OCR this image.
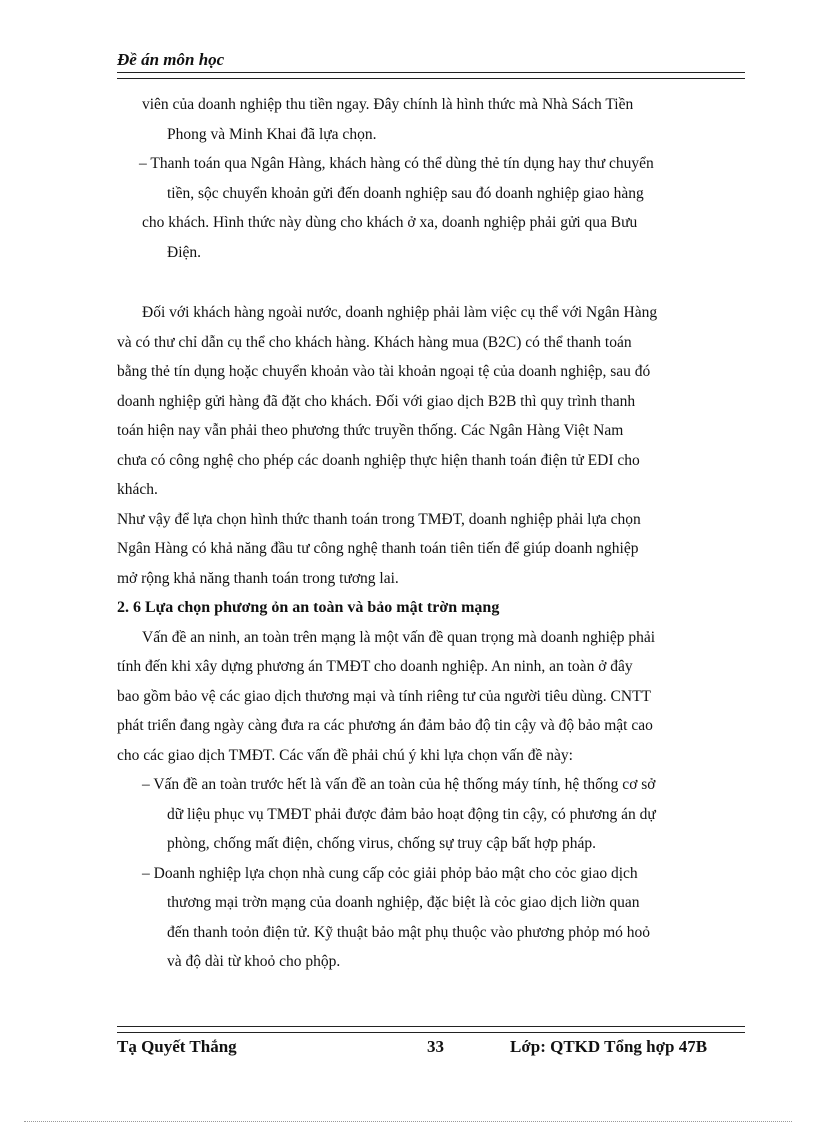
Đề án môn học
viên của doanh nghiệp thu tiền ngay. Đây chính là hình thức mà Nhà Sách Tiền
Phong và Minh Khai đã lựa chọn.
– Thanh toán qua Ngân Hàng, khách hàng có thể dùng thẻ tín dụng hay thư chuyển
tiền, sộc chuyển khoản gửi đến doanh nghiệp sau đó doanh nghiệp giao hàng
cho khách. Hình thức này dùng cho khách ở xa, doanh nghiệp phải gửi qua Bưu
Điện.
Đối với khách hàng ngoài nước, doanh nghiệp phải làm việc cụ thể với Ngân Hàng
và có thư chỉ dẫn cụ thể cho khách hàng. Khách hàng mua (B2C) có thể thanh toán
bằng thẻ tín dụng hoặc chuyển khoản vào tài khoản ngoại tệ của doanh nghiệp, sau đó
doanh nghiệp gửi hàng đã đặt cho khách. Đối với giao dịch B2B thì quy trình thanh
toán hiện nay vẫn phải theo phương thức truyền thống. Các Ngân Hàng Việt Nam
chưa có công nghệ cho phép các doanh nghiệp thực hiện thanh toán điện tử EDI cho
khách.
Như vậy để lựa chọn hình thức thanh toán trong TMĐT, doanh nghiệp phải lựa chọn
Ngân Hàng có khả năng đầu tư công nghệ thanh toán tiên tiến để giúp doanh nghiệp
mở rộng khả năng thanh toán trong tương lai.
2. 6 Lựa chọn phương ỏn an toàn và bảo mật trờn mạng
Vấn đề an ninh, an toàn trên mạng là một vấn đề quan trọng mà doanh nghiệp phải
tính đến khi xây dựng phương án TMĐT cho doanh nghiệp. An ninh, an toàn ở đây
bao gồm bảo vệ các giao dịch thương mại và tính riêng tư của người tiêu dùng. CNTT
phát triển đang ngày càng đưa ra các phương án đảm bảo độ tin cậy và độ bảo mật cao
cho các giao dịch TMĐT. Các vấn đề phải chú ý khi lựa chọn vấn đề này:
– Vấn đề an toàn trước hết là vấn đề an toàn của hệ thống máy tính, hệ thống cơ sở
dữ liệu phục vụ TMĐT phải được đảm bảo hoạt động tin cậy, có phương án dự
phòng, chống mất điện, chống virus, chống sự truy cập bất hợp pháp.
– Doanh nghiệp lựa chọn nhà cung cấp cỏc giải phỏp bảo mật cho cỏc giao dịch
thương mại trờn mạng của doanh nghiệp, đặc biệt là cỏc giao dịch liờn quan
đến thanh toỏn điện tử. Kỹ thuật bảo mật phụ thuộc vào phương phỏp mó hoỏ
và độ dài từ khoỏ cho phộp.
Tạ Quyết Thắng	33	Lớp: QTKD Tổng hợp 47B
